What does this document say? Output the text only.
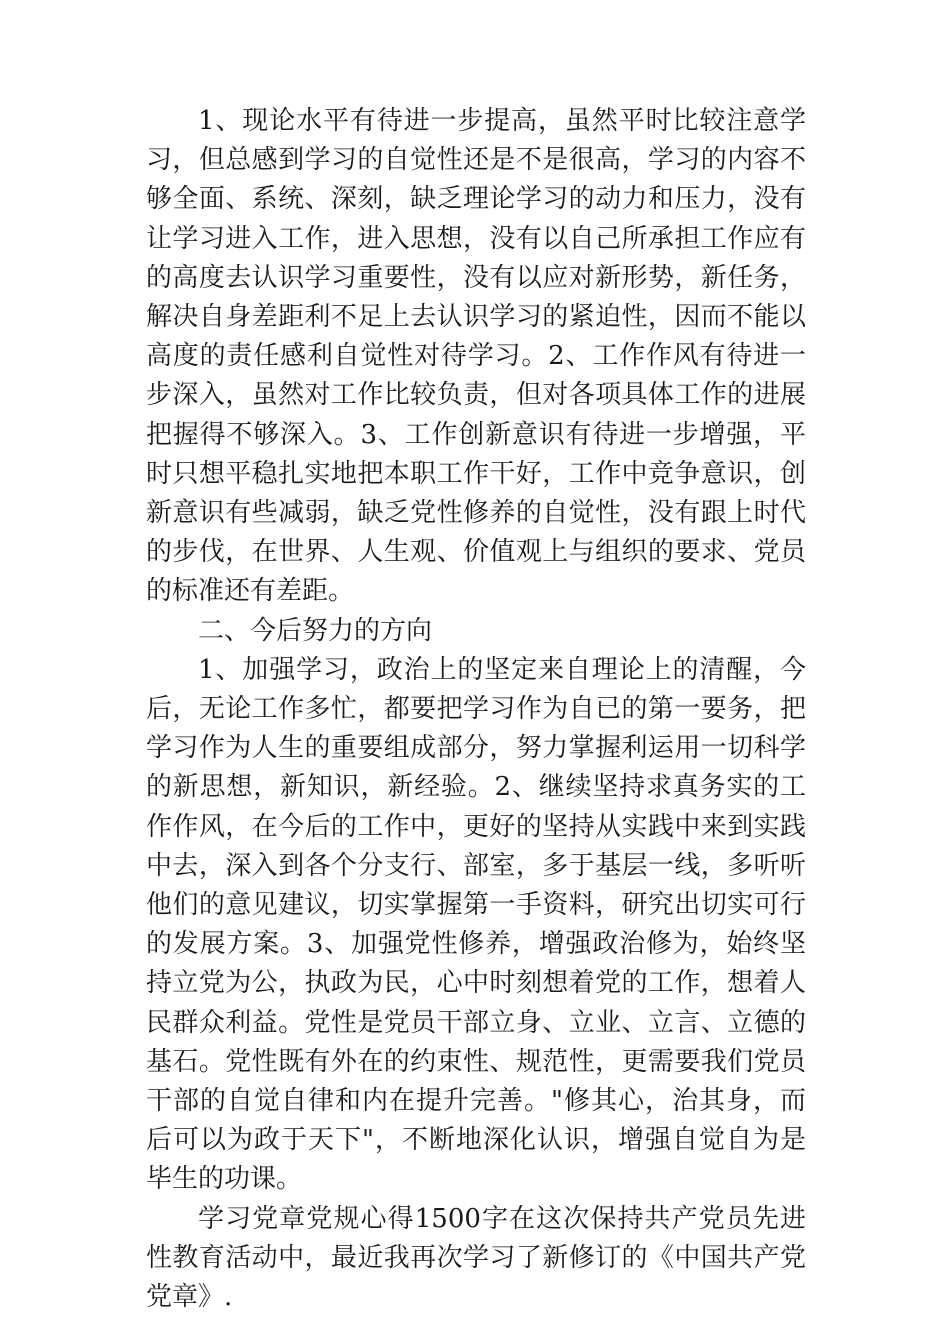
1、现论水平有待进一步提高，虽然平时比较注意学习，但总感到学习的自觉性还是不是很高，学习的内容不够全面、系统、深刻，缺乏理论学习的动力和压力，没有让学习进入工作，进入思想，没有以自己所承担工作应有的高度去认识学习重要性，没有以应对新形势，新任务，解决自身差距利不足上去认识学习的紧迫性，因而不能以高度的责任感利自觉性对待学习。2、工作作风有待进一步深入，虽然对工作比较负责，但对各项具体工作的进展把握得不够深入。3、工作创新意识有待进一步增强，平时只想平稳扎实地把本职工作干好，工作中竞争意识，创新意识有些减弱，缺乏党性修养的自觉性，没有跟上时代的步伐，在世界、人生观、价值观上与组织的要求、党员的标准还有差距。

二、今后努力的方向

1、加强学习，政治上的坚定来自理论上的清醒，今后，无论工作多忙，都要把学习作为自已的第一要务，把学习作为人生的重要组成部分，努力掌握利运用一切科学的新思想，新知识，新经验。2、继续坚持求真务实的工作作风，在今后的工作中，更好的坚持从实践中来到实践中去，深入到各个分支行、部室，多于基层一线，多听听他们的意见建议，切实掌握第一手资料，研究出切实可行的发展方案。3、加强党性修养，增强政治修为，始终坚持立党为公，执政为民，心中时刻想着党的工作，想着人民群众利益。党性是党员干部立身、立业、立言、立德的基石。党性既有外在的约束性、规范性，更需要我们党员干部的自觉自律和内在提升完善。"修其心，治其身，而后可以为政于天下"，不断地深化认识，增强自觉自为是毕生的功课。

学习党章党规心得1500字在这次保持共产党员先进性教育活动中，最近我再次学习了新修订的《中国共产党党章》.
